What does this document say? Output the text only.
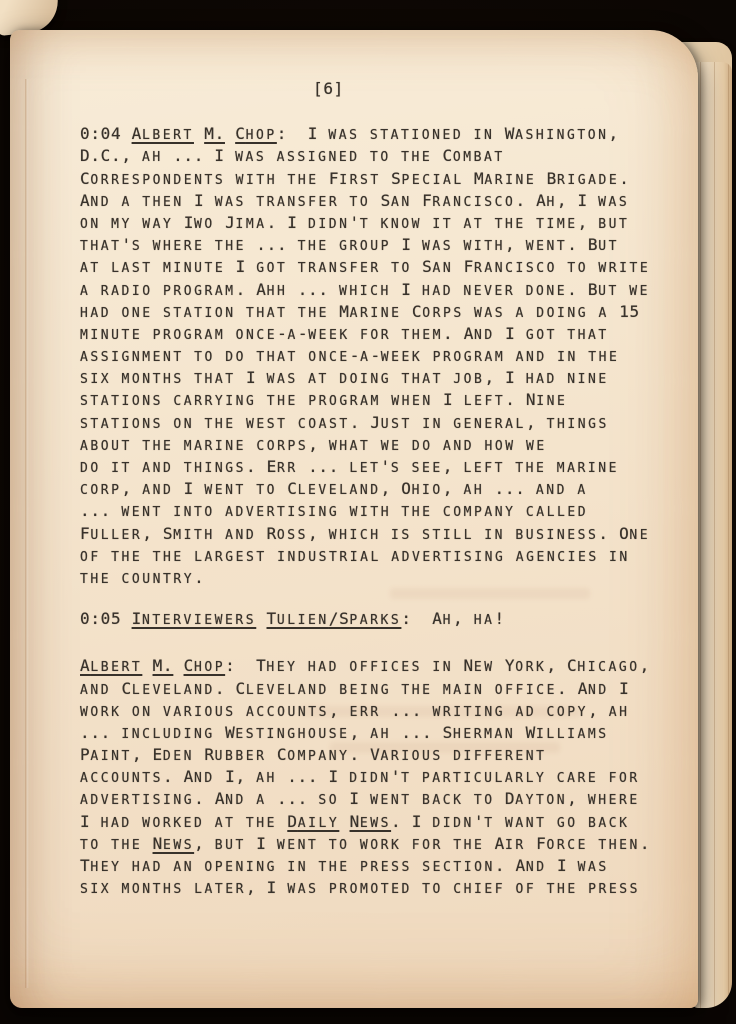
[6]
0:04 ALBERT M. CHOP:  I WAS STATIONED IN WASHINGTON,
D.C., AH ... I WAS ASSIGNED TO THE COMBAT
CORRESPONDENTS WITH THE FIRST SPECIAL MARINE BRIGADE.
AND A THEN I WAS TRANSFER TO SAN FRANCISCO. AH, I WAS
ON MY WAY IWO JIMA. I DIDN'T KNOW IT AT THE TIME, BUT
THAT'S WHERE THE ... THE GROUP I WAS WITH, WENT. BUT
AT LAST MINUTE I GOT TRANSFER TO SAN FRANCISCO TO WRITE
A RADIO PROGRAM. AHH ... WHICH I HAD NEVER DONE. BUT WE
HAD ONE STATION THAT THE MARINE CORPS WAS A DOING A 15
MINUTE PROGRAM ONCE-A-WEEK FOR THEM. AND I GOT THAT
ASSIGNMENT TO DO THAT ONCE-A-WEEK PROGRAM AND IN THE
SIX MONTHS THAT I WAS AT DOING THAT JOB, I HAD NINE
STATIONS CARRYING THE PROGRAM WHEN I LEFT. NINE
STATIONS ON THE WEST COAST. JUST IN GENERAL, THINGS
ABOUT THE MARINE CORPS, WHAT WE DO AND HOW WE
DO IT AND THINGS. ERR ... LET'S SEE, LEFT THE MARINE
CORP, AND I WENT TO CLEVELAND, OHIO, AH ... AND A
... WENT INTO ADVERTISING WITH THE COMPANY CALLED
FULLER, SMITH AND ROSS, WHICH IS STILL IN BUSINESS. ONE
OF THE THE LARGEST INDUSTRIAL ADVERTISING AGENCIES IN
THE COUNTRY.
0:05 INTERVIEWERS TULIEN/SPARKS:  AH, HA!
ALBERT M. CHOP:  THEY HAD OFFICES IN NEW YORK, CHICAGO,
AND CLEVELAND. CLEVELAND BEING THE MAIN OFFICE. AND I
WORK ON VARIOUS ACCOUNTS, ERR ... WRITING AD COPY, AH
... INCLUDING WESTINGHOUSE, AH ... SHERMAN WILLIAMS
PAINT, EDEN RUBBER COMPANY. VARIOUS DIFFERENT
ACCOUNTS. AND I, AH ... I DIDN'T PARTICULARLY CARE FOR
ADVERTISING. AND A ... SO I WENT BACK TO DAYTON, WHERE
I HAD WORKED AT THE DAILY NEWS. I DIDN'T WANT GO BACK
TO THE NEWS, BUT I WENT TO WORK FOR THE AIR FORCE THEN.
THEY HAD AN OPENING IN THE PRESS SECTION. AND I WAS
SIX MONTHS LATER, I WAS PROMOTED TO CHIEF OF THE PRESS
